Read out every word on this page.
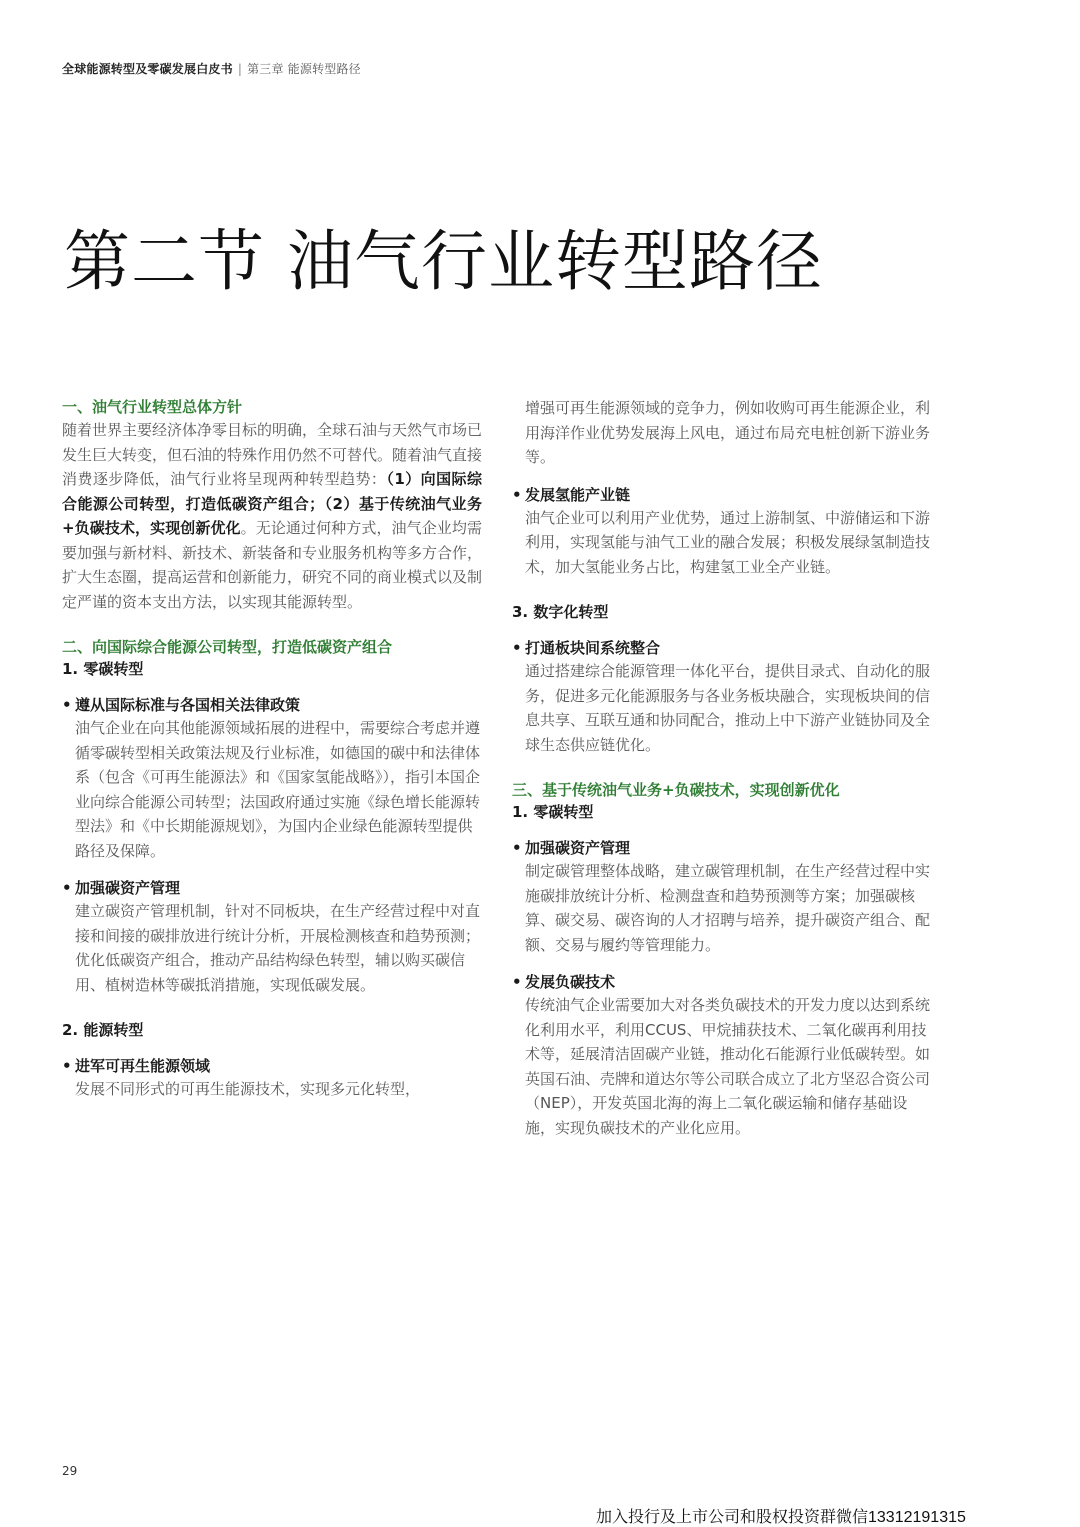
全球能源转型及零碳发展白皮书 | 第三章 能源转型路径
第二节 油气行业转型路径
一、油气行业转型总体方针

随着世界主要经济体净零目标的明确，全球石油与天然气市场已发生巨大转变，但石油的特殊作用仍然不可替代。随着油气直接消费逐步降低，油气行业将呈现两种转型趋势：（1）向国际综合能源公司转型，打造低碳资产组合；（2）基于传统油气业务+负碳技术，实现创新优化。无论通过何种方式，油气企业均需要加强与新材料、新技术、新装备和专业服务机构等多方合作，扩大生态圈，提高运营和创新能力，研究不同的商业模式以及制定严谨的资本支出方法，以实现其能源转型。

二、向国际综合能源公司转型，打造低碳资产组合
1. 零碳转型
• 遵从国际标准与各国相关法律政策

油气企业在向其他能源领域拓展的进程中，需要综合考虑并遵循零碳转型相关政策法规及行业标准，如德国的碳中和法律体系（包含《可再生能源法》和《国家氢能战略》），指引本国企业向综合能源公司转型；法国政府通过实施《绿色增长能源转型法》和《中长期能源规划》，为国内企业绿色能源转型提供路径及保障。

• 加强碳资产管理

建立碳资产管理机制，针对不同板块，在生产经营过程中对直接和间接的碳排放进行统计分析，开展检测核查和趋势预测；优化低碳资产组合，推动产品结构绿色转型，辅以购买碳信用、植树造林等碳抵消措施，实现低碳发展。

2. 能源转型
• 进军可再生能源领域

发展不同形式的可再生能源技术，实现多元化转型，

增强可再生能源领域的竞争力，例如收购可再生能源企业，利用海洋作业优势发展海上风电，通过布局充电桩创新下游业务等。

• 发展氢能产业链

油气企业可以利用产业优势，通过上游制氢、中游储运和下游利用，实现氢能与油气工业的融合发展；积极发展绿氢制造技术，加大氢能业务占比，构建氢工业全产业链。

3. 数字化转型
• 打通板块间系统整合

通过搭建综合能源管理一体化平台，提供目录式、自动化的服务，促进多元化能源服务与各业务板块融合，实现板块间的信息共享、互联互通和协同配合，推动上中下游产业链协同及全球生态供应链优化。

三、基于传统油气业务+负碳技术，实现创新优化
1. 零碳转型
• 加强碳资产管理

制定碳管理整体战略，建立碳管理机制，在生产经营过程中实施碳排放统计分析、检测盘查和趋势预测等方案；加强碳核算、碳交易、碳咨询的人才招聘与培养，提升碳资产组合、配额、交易与履约等管理能力。

• 发展负碳技术

传统油气企业需要加大对各类负碳技术的开发力度以达到系统化利用水平，利用CCUS、甲烷捕获技术、二氧化碳再利用技术等，延展清洁固碳产业链，推动化石能源行业低碳转型。如英国石油、壳牌和道达尔等公司联合成立了北方坚忍合资公司（NEP），开发英国北海的海上二氧化碳运输和储存基础设施，实现负碳技术的产业化应用。

29
加入投行及上市公司和股权投资群微信13312191315
